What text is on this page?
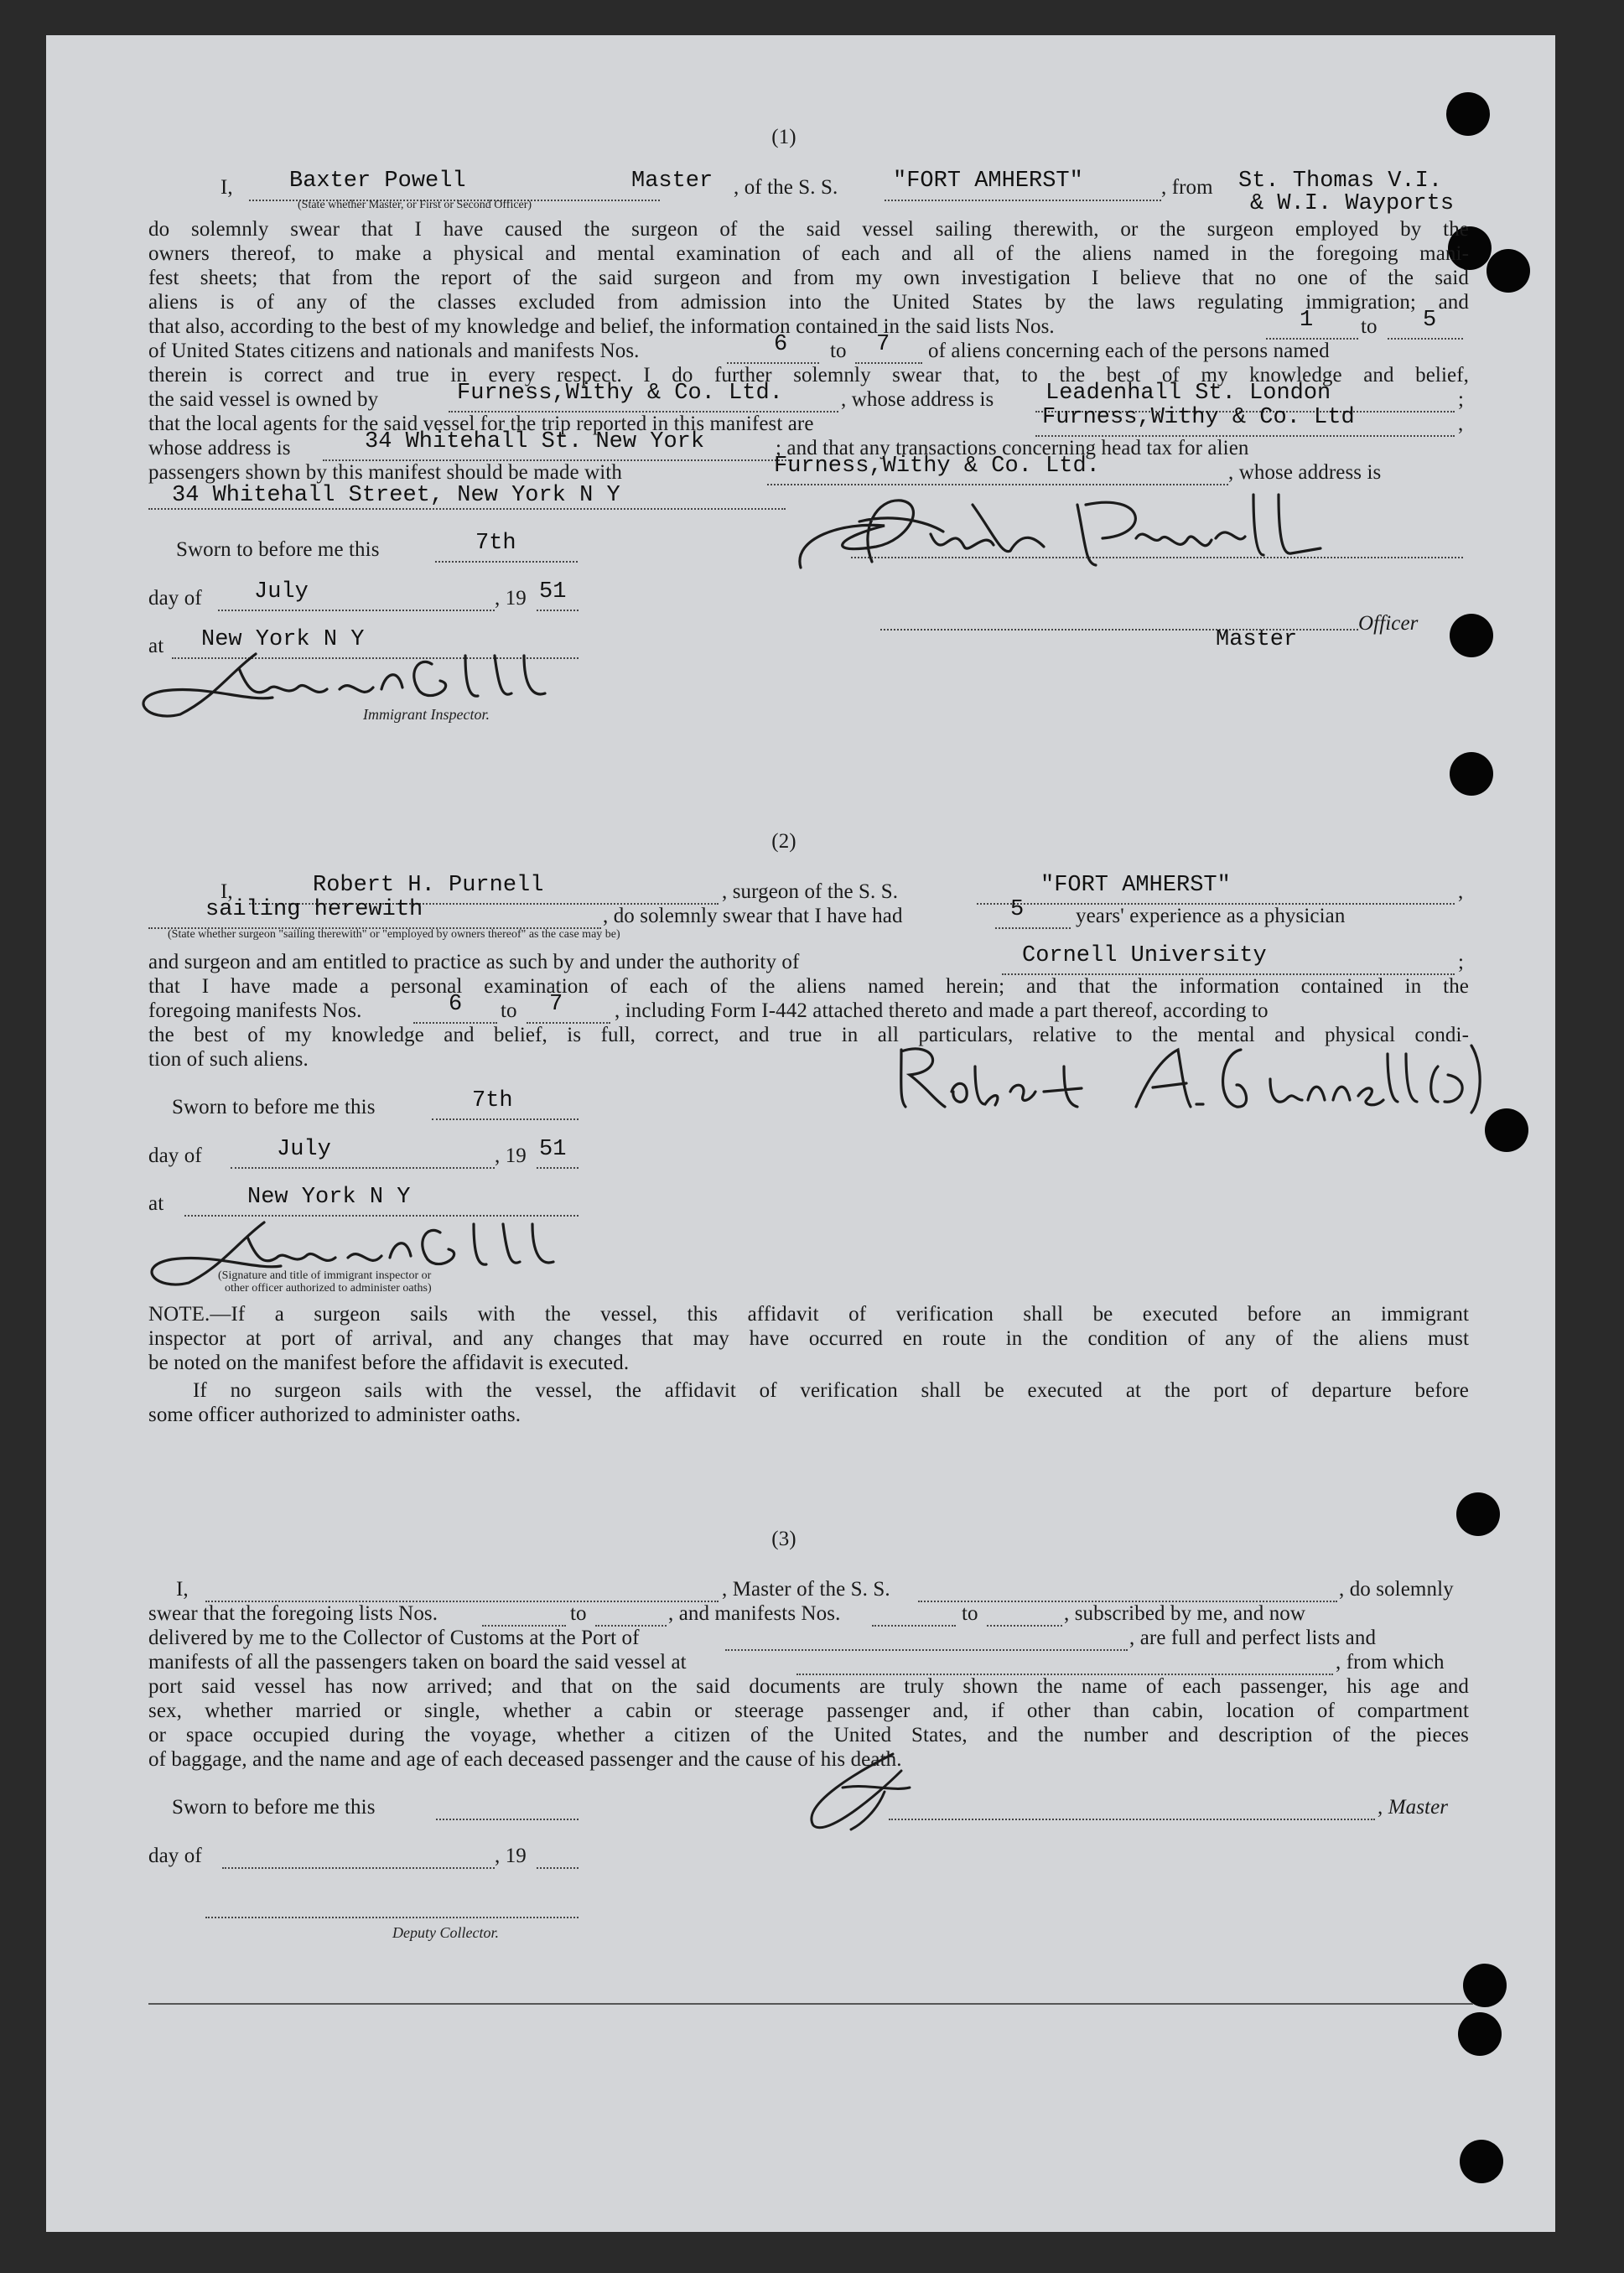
(1)
I, Baxter Powell	Master , of the S. S. "FORT AMHERST"	, from St. Thomas V.I.
(State whether Master, or First or Second Officer)	& W.I. Wayports
do solemnly swear that I have caused the surgeon of the said vessel sailing therewith, or the surgeon employed by the
owners thereof, to make a physical and mental examination of each and all of the aliens named in the foregoing mani-
fest sheets; that from the report of the said surgeon and from my own investigation I believe that no one of the said
aliens is of any of the classes excluded from admission into the United States by the laws regulating immigration; and
that also, according to the best of my knowledge and belief, the information contained in the said lists Nos.	1 to 5
of United States citizens and nationals and manifests Nos.	6 to 7 of aliens concerning each of the persons named
therein is correct and true in every respect. I do further solemnly swear that, to the best of my knowledge and belief,
the said vessel is owned by	Furness,Withy & Co. Ltd.	, whose address is Leadenhall St. London	;
that the local agents for the said vessel for the trip reported in this manifest are	Furness,Withy & Co. Ltd	,
whose address is	34 Whitehall St. New York	; and that any transactions concerning head tax for alien
passengers shown by this manifest should be made with	Furness,Withy & Co. Ltd.	, whose address is
34 Whitehall Street, New York N Y
Sworn to before me this	7th
day of July	, 19 51
at New York N Y
Immigrant Inspector.
Officer
Master
(2)
I,	Robert H. Purnell	, surgeon of the S. S.	"FORT AMHERST"	,
sailing herewith	, do solemnly swear that I have had	5 years' experience as a physician
(State whether surgeon "sailing therewith" or "employed by owners thereof" as the case may be)
and surgeon and am entitled to practice as such by and under the authority of	Cornell University	;
that I have made a personal examination of each of the aliens named herein; and that the information contained in the
foregoing manifests Nos.	6 to 7 , including Form I-442 attached thereto and made a part thereof, according to
the best of my knowledge and belief, is full, correct, and true in all particulars, relative to the mental and physical condi-
tion of such aliens.
Sworn to before me this	7th
day of	July	, 19 51
at	New York N Y
(Signature and title of immigrant inspector or
other officer authorized to administer oaths)
NOTE.—If a surgeon sails with the vessel, this affidavit of verification shall be executed before an immigrant
inspector at port of arrival, and any changes that may have occurred en route in the condition of any of the aliens must
be noted on the manifest before the affidavit is executed.
If no surgeon sails with the vessel, the affidavit of verification shall be executed at the port of departure before
some officer authorized to administer oaths.
(3)
I,	, Master of the S. S.	, do solemnly
swear that the foregoing lists Nos.	to	, and manifests Nos.	to	, subscribed by me, and now
delivered by me to the Collector of Customs at the Port of	, are full and perfect lists and
manifests of all the passengers taken on board the said vessel at	, from which
port said vessel has now arrived; and that on the said documents are truly shown the name of each passenger, his age and
sex, whether married or single, whether a cabin or steerage passenger and, if other than cabin, location of compartment
or space occupied during the voyage, whether a citizen of the United States, and the number and description of the pieces
of baggage, and the name and age of each deceased passenger and the cause of his death.
Sworn to before me this	, Master
day of	, 19
Deputy Collector.
